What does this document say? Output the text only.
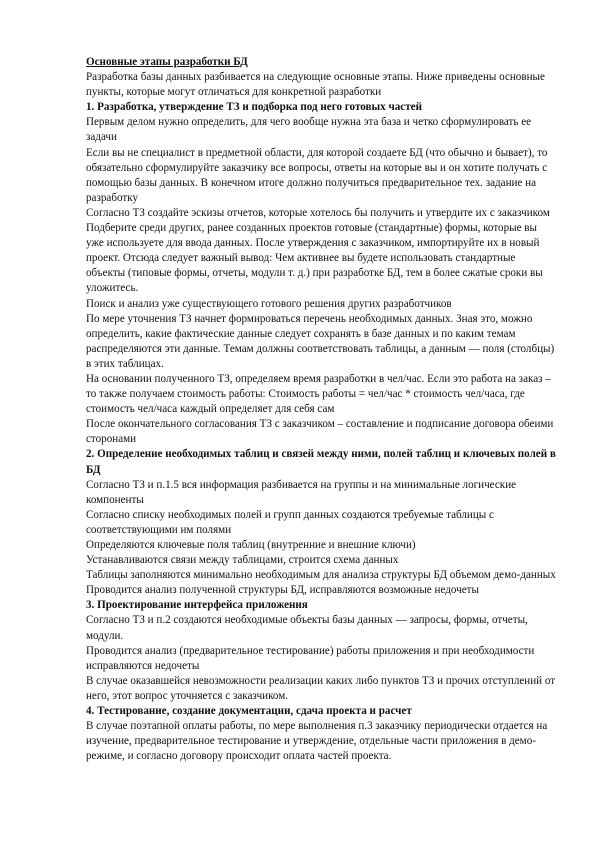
Основные этапы разработки БД

Разработка базы данных разбивается на следующие основные этапы. Ниже приведены основные пункты, которые могут отличаться для конкретной разработки

1. Разработка, утверждение ТЗ и подборка под него готовых частей

Первым делом нужно определить, для чего вообще нужна эта база и четко сформулировать ее задачи

Если вы не специалист в предметной области, для которой создаете БД (что обычно и бывает), то обязательно сформулируйте заказчику все вопросы, ответы на которые вы и он хотите получать с помощью базы данных. В конечном итоге должно получиться предварительное тех. задание на разработку

Согласно ТЗ создайте эскизы отчетов, которые хотелось бы получить и утвердите их с заказчиком

Подберите среди других, ранее созданных проектов готовые (стандартные) формы, которые вы уже используете для ввода данных. После утверждения с заказчиком, импортируйте их в новый проект. Отсюда следует важный вывод: Чем активнее вы будете использовать стандартные объекты (типовые формы, отчеты, модули т. д.) при разработке БД, тем в более сжатые сроки вы уложитесь.

Поиск и анализ уже существующего готового решения других разработчиков

По мере уточнения ТЗ начнет формироваться перечень необходимых данных. Зная это, можно определить, какие фактические данные следует сохранять в базе данных и по каким темам распределяются эти данные. Темам должны соответствовать таблицы, а данным — поля (столбцы) в этих таблицах.

На основании полученного ТЗ, определяем время разработки в чел/час. Если это работа на заказ – то также получаем стоимость работы: Стоимость работы = чел/час * стоимость чел/часа, где стоимость чел/часа каждый определяет для себя сам

После окончательного согласования ТЗ с заказчиком – составление и подписание договора обеими сторонами

2. Определение необходимых таблиц и связей между ними, полей таблиц и ключевых полей в БД

Согласно ТЗ и п.1.5 вся информация разбивается на группы и на минимальные логические компоненты

Согласно списку необходимых полей и групп данных создаются требуемые таблицы с соответствующими им полями

Определяются ключевые поля таблиц (внутренние и внешние ключи)

Устанавливаются связи между таблицами, строится схема данных

Таблицы заполняются минимально необходимым для анализа структуры БД объемом демо-данных

Проводится анализ полученной структуры БД, исправляются возможные недочеты

3. Проектирование интерфейса приложения

Согласно ТЗ и п.2 создаются необходимые объекты базы данных — запросы, формы, отчеты, модули.

Проводится анализ (предварительное тестирование) работы приложения и при необходимости исправляются недочеты

В случае оказавшейся невозможности реализации каких либо пунктов ТЗ и прочих отступлений от него, этот вопрос уточняется с заказчиком.

4. Тестирование, создание документации, сдача проекта и расчет

В случае поэтапной оплаты работы, по мере выполнения п.3 заказчику периодически отдается на изучение, предварительное тестирование и утверждение, отдельные части приложения в демо-режиме, и согласно договору происходит оплата частей проекта.
